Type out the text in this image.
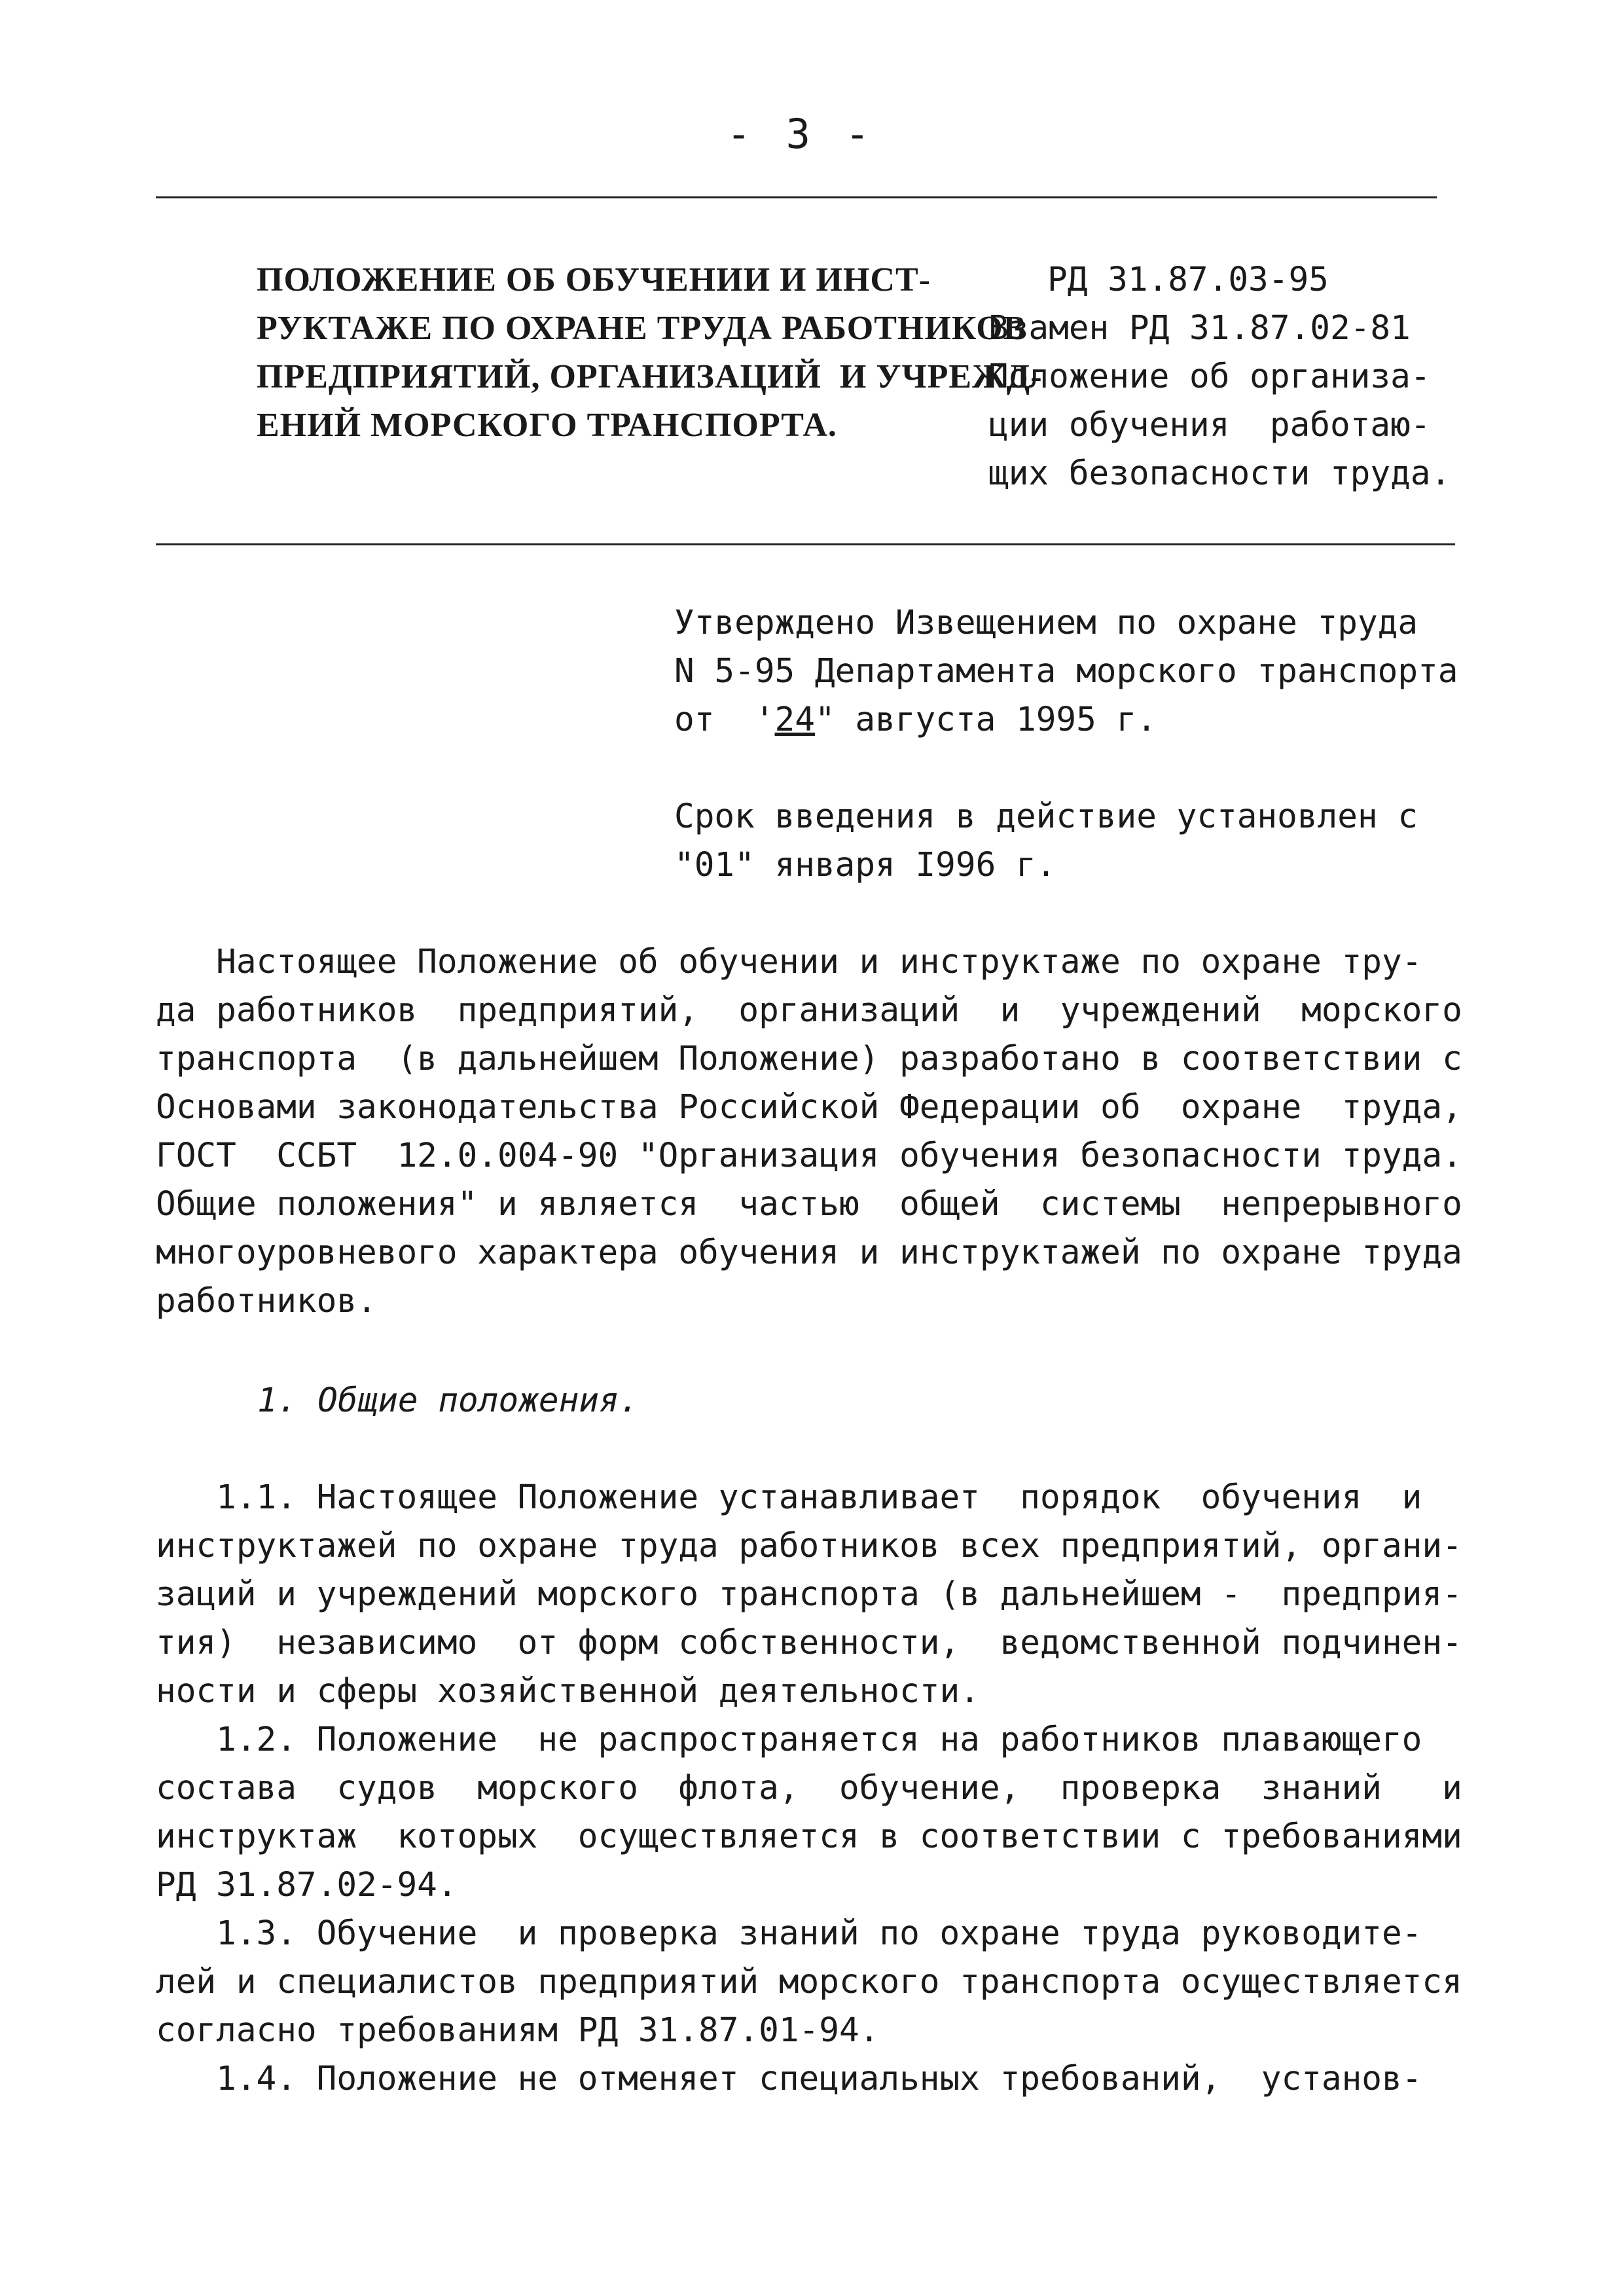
- 3 -
ПОЛОЖЕНИЕ ОБ ОБУЧЕНИИ И ИНСТ-
РУКТАЖЕ ПО ОХРАНЕ ТРУДА РАБОТНИКОВ
ПРЕДПРИЯТИЙ, ОРГАНИЗАЦИЙ  И УЧРЕЖД-
ЕНИЙ МОРСКОГО ТРАНСПОРТА.
РД 31.87.03-95
Взамен РД 31.87.02-81
Положение об организа-
ции обучения  работаю-
щих безопасности труда.
Утверждено Извещением по охране труда
N 5-95 Департамента морского транспорта
от  '24" августа 1995 г.
Срок введения в действие установлен с
"01" января I996 г.
Настоящее Положение об обучении и инструктаже по охране тру-
да работников  предприятий,  организаций  и  учреждений  морского
транспорта  (в дальнейшем Положение) разработано в соответствии с
Основами законодательства Российской Федерации об  охране  труда,
ГОСТ  ССБТ  12.0.004-90 "Организация обучения безопасности труда.
Общие положения" и является  частью  общей  системы  непрерывного
многоуровневого характера обучения и инструктажей по охране труда
работников.
1. Общие положения.
1.1. Настоящее Положение устанавливает  порядок  обучения  и
инструктажей по охране труда работников всех предприятий, органи-
заций и учреждений морского транспорта (в дальнейшем -  предприя-
тия)  независимо  от форм собственности,  ведомственной подчинен-
ности и сферы хозяйственной деятельности.
1.2. Положение  не распространяется на работников плавающего
состава  судов  морского  флота,  обучение,  проверка  знаний   и
инструктаж  которых  осуществляется в соответствии с требованиями
РД 31.87.02-94.
1.3. Обучение  и проверка знаний по охране труда руководите-
лей и специалистов предприятий морского транспорта осуществляется
согласно требованиям РД 31.87.01-94.
1.4. Положение не отменяет специальных требований,  установ-
